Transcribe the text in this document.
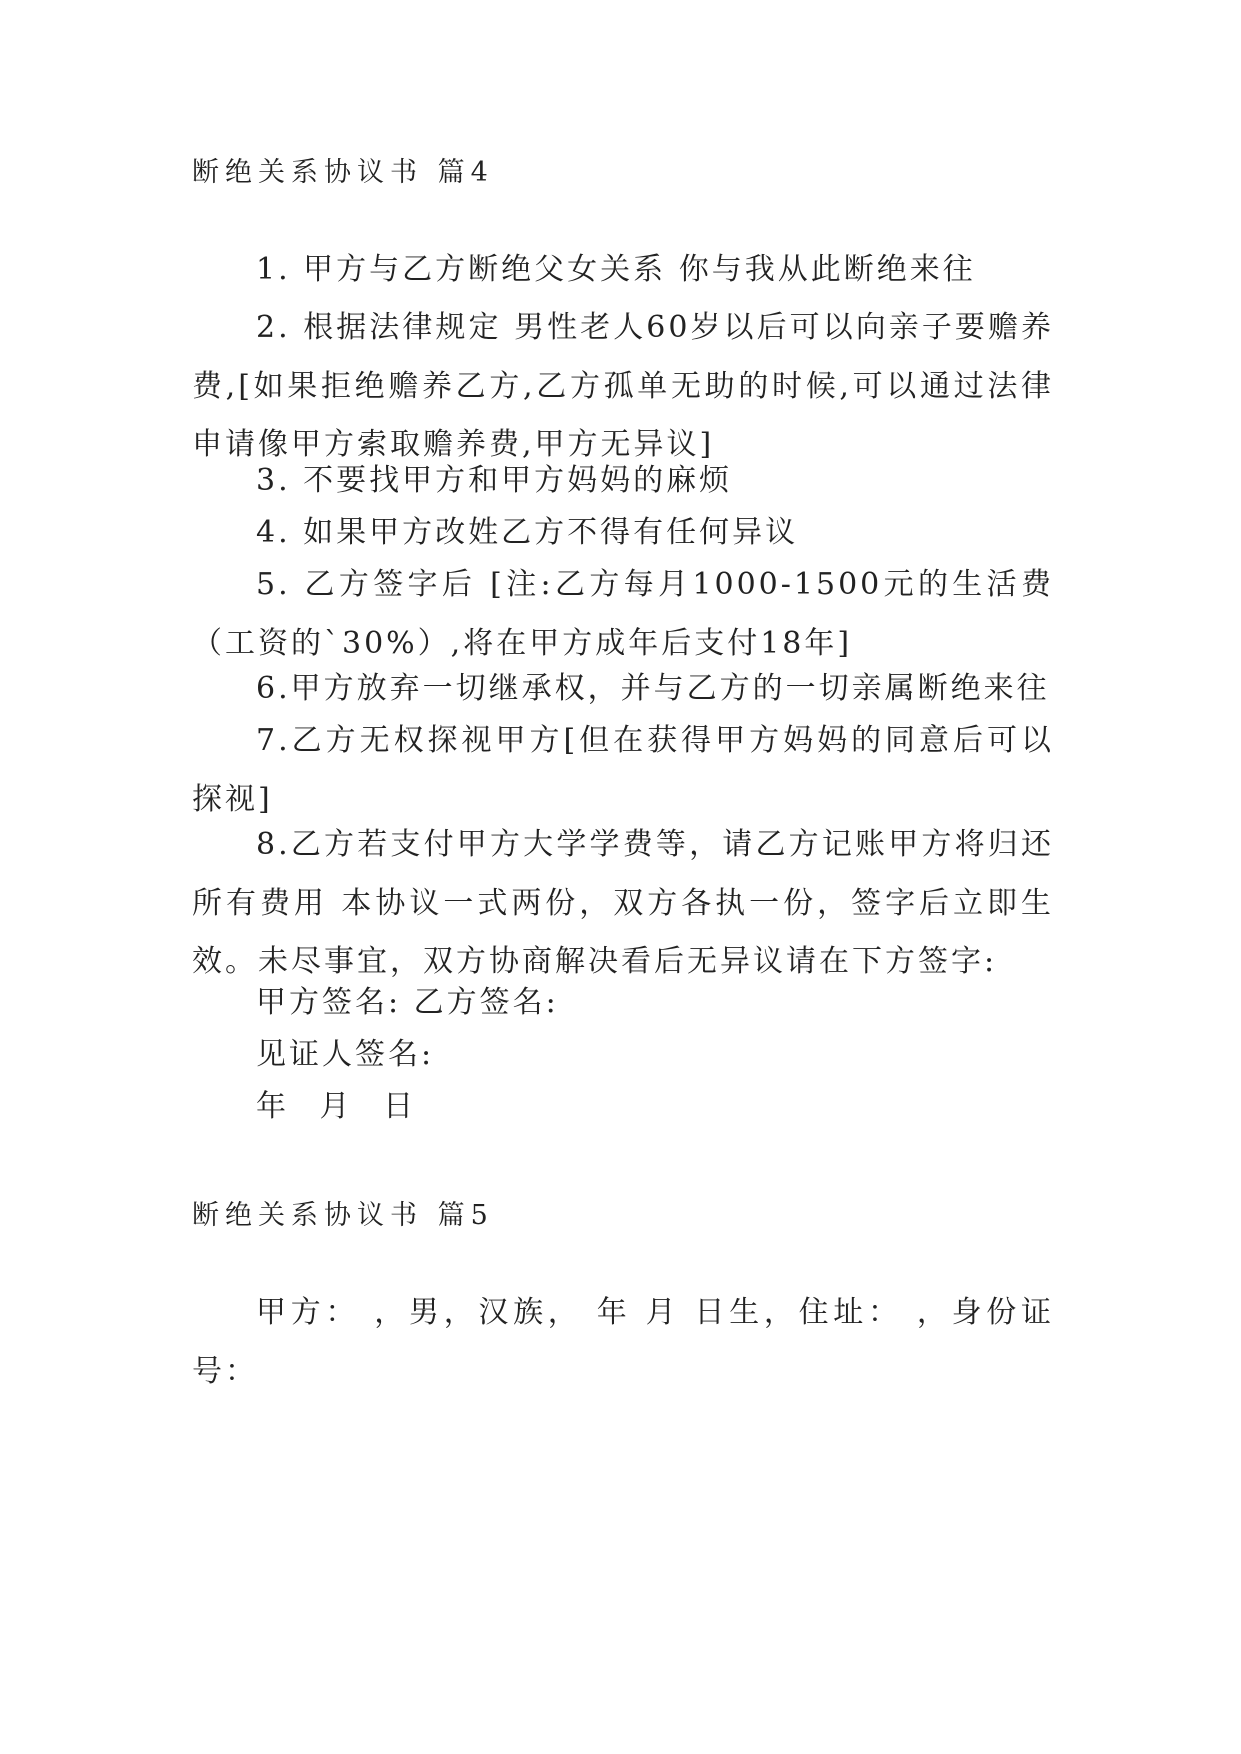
断绝关系协议书 篇4
1. 甲方与乙方断绝父女关系 你与我从此断绝来往
2. 根据法律规定 男性老人60岁以后可以向亲子要赡养费,[如果拒绝赡养乙方,乙方孤单无助的时候,可以通过法律申请像甲方索取赡养费,甲方无异议]
3. 不要找甲方和甲方妈妈的麻烦
4. 如果甲方改姓乙方不得有任何异议
5. 乙方签字后 [注:乙方每月1000-1500元的生活费（工资的`30%）,将在甲方成年后支付18年]
6.甲方放弃一切继承权，并与乙方的一切亲属断绝来往
7.乙方无权探视甲方[但在获得甲方妈妈的同意后可以探视]
8.乙方若支付甲方大学学费等，请乙方记账甲方将归还所有费用 本协议一式两份，双方各执一份，签字后立即生效。未尽事宜，双方协商解决看后无异议请在下方签字:
甲方签名: 乙方签名:
见证人签名:
年 月 日
断绝关系协议书 篇5
甲方： ，男，汉族， 年 月 日生，住址： ，身份证号：
